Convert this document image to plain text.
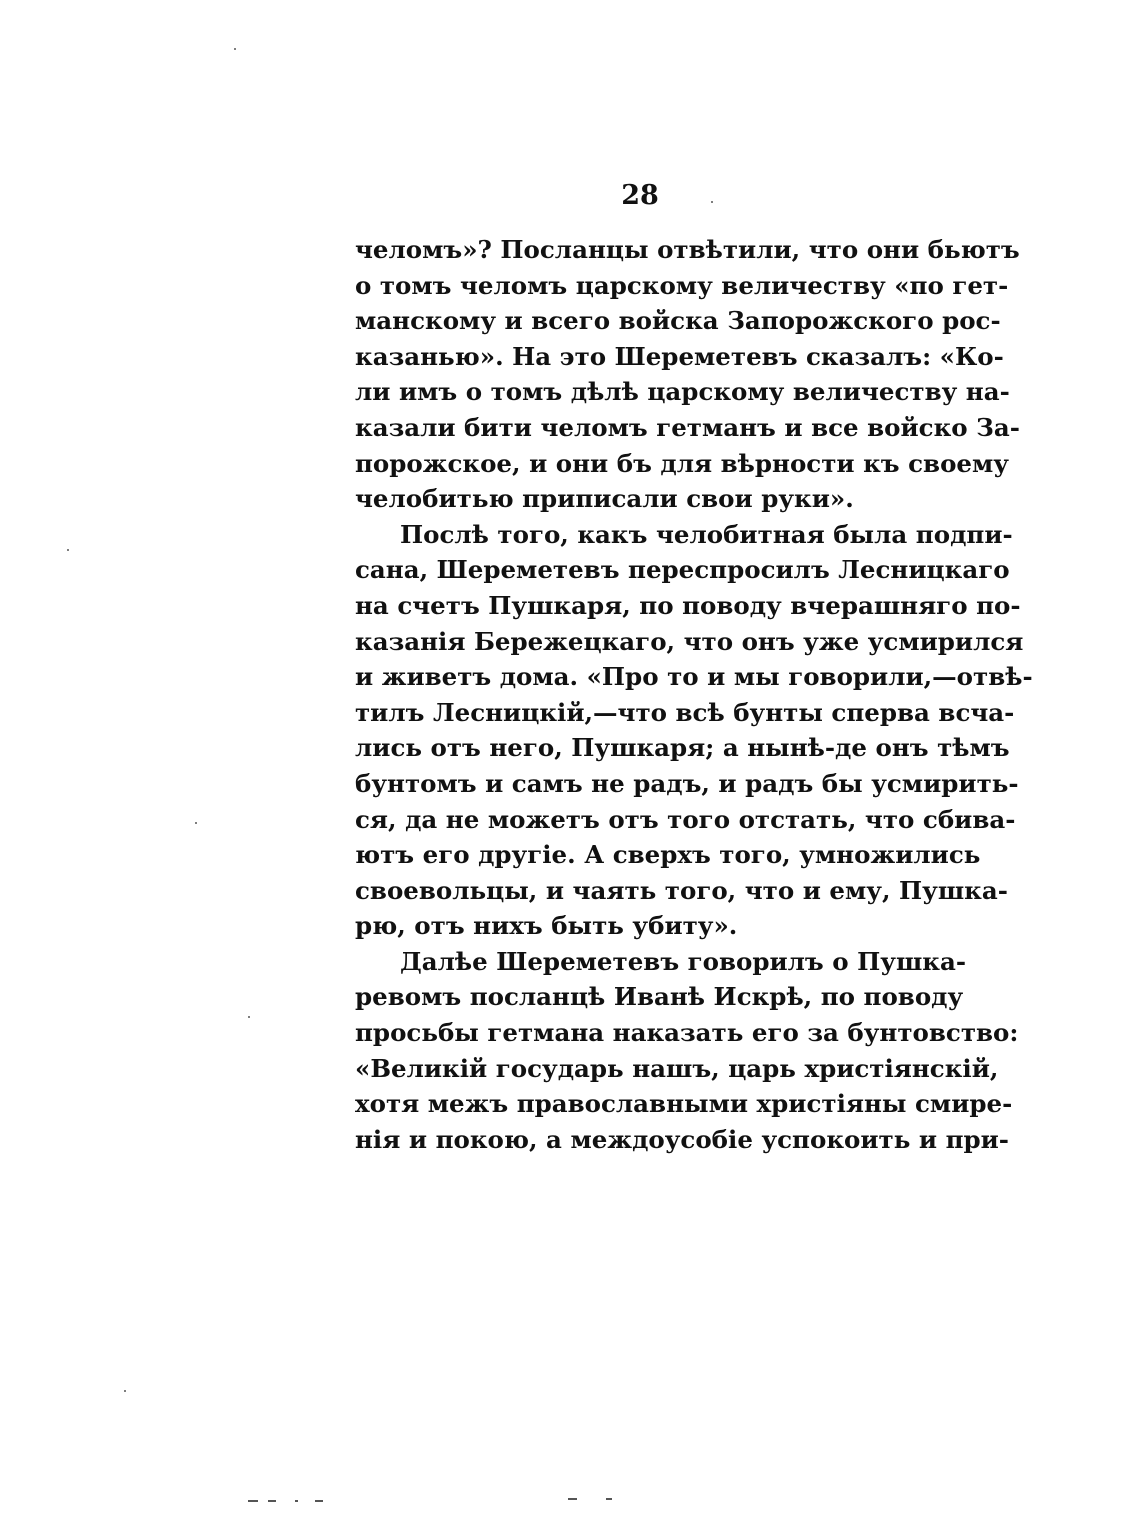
28
челомъ»? Посланцы отвѣтили, что они бьютъ
о томъ челомъ царскому величеству «по гет-
манскому и всего войска Запорожского рос-
казанью». На это Шереметевъ сказалъ: «Ко-
ли имъ о томъ дѣлѣ царскому величеству на-
казали бити челомъ гетманъ и все войско За-
порожское, и они бъ для вѣрности къ своему
челобитью приписали свои руки».
Послѣ того, какъ челобитная была подпи-
сана, Шереметевъ переспросилъ Лесницкаго
на счетъ Пушкаря, по поводу вчерашняго по-
казанія Бережецкаго, что онъ уже усмирился
и живетъ дома. «Про то и мы говорили,—отвѣ-
тилъ Лесницкій,—что всѣ бунты сперва всча-
лись отъ него, Пушкаря; а нынѣ-де онъ тѣмъ
бунтомъ и самъ не радъ, и радъ бы усмирить-
ся, да не можетъ отъ того отстать, что сбива-
ютъ его другіе. А сверхъ того, умножились
своевольцы, и чаять того, что и ему, Пушка-
рю, отъ нихъ быть убиту».
Далѣе Шереметевъ говорилъ о Пушка-
ревомъ посланцѣ Иванѣ Искрѣ, по поводу
просьбы гетмана наказать его за бунтовство:
«Великій государь нашъ, царь христіянскій,
хотя межъ православными христіяны смире-
нія и покою, а междоусобіе успокоить и при-
